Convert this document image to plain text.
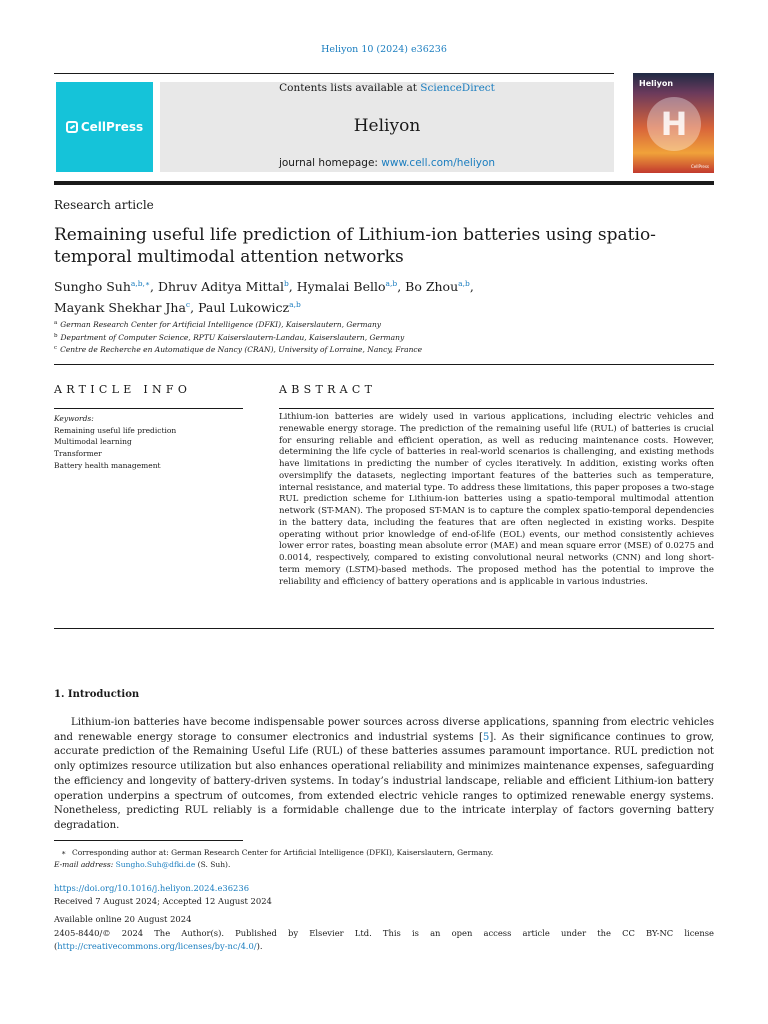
Heliyon 10 (2024) e36236
CellPress
Contents lists available at ScienceDirect
Heliyon
journal homepage: www.cell.com/heliyon
Heliyon
H
CellPress
Research article
Remaining useful life prediction of Lithium-ion batteries using spatio-temporal multimodal attention networks
Sungho Suh$^{a,b,∗}$, Dhruv Aditya Mittal$^b$, Hymalai Bello$^{a,b}$, Bo Zhou$^{a,b}$,
Mayank Shekhar Jha$^c$, Paul Lukowicz$^{a,b}$
$^a$ German Research Center for Artificial Intelligence (DFKI), Kaiserslautern, Germany
$^b$ Department of Computer Science, RPTU Kaiserslautern-Landau, Kaiserslautern, Germany
$^c$ Centre de Recherche en Automatique de Nancy (CRAN), University of Lorraine, Nancy, France
ARTICLE INFO
Keywords:
Remaining useful life prediction
Multimodal learning
Transformer
Battery health management
ABSTRACT
Lithium-ion batteries are widely used in various applications, including electric vehicles and renewable energy storage. The prediction of the remaining useful life (RUL) of batteries is crucial for ensuring reliable and efficient operation, as well as reducing maintenance costs. However, determining the life cycle of batteries in real-world scenarios is challenging, and existing methods have limitations in predicting the number of cycles iteratively. In addition, existing works often oversimplify the datasets, neglecting important features of the batteries such as temperature, internal resistance, and material type. To address these limitations, this paper proposes a two-stage RUL prediction scheme for Lithium-ion batteries using a spatio-temporal multimodal attention network (ST-MAN). The proposed ST-MAN is to capture the complex spatio-temporal dependencies in the battery data, including the features that are often neglected in existing works. Despite operating without prior knowledge of end-of-life (EOL) events, our method consistently achieves lower error rates, boasting mean absolute error (MAE) and mean square error (MSE) of 0.0275 and 0.0014, respectively, compared to existing convolutional neural networks (CNN) and long short-term memory (LSTM)-based methods. The proposed method has the potential to improve the reliability and efficiency of battery operations and is applicable in various industries.
1. Introduction
Lithium-ion batteries have become indispensable power sources across diverse applications, spanning from electric vehicles and renewable energy storage to consumer electronics and industrial systems [5]. As their significance continues to grow, accurate prediction of the Remaining Useful Life (RUL) of these batteries assumes paramount importance. RUL prediction not only optimizes resource utilization but also enhances operational reliability and minimizes maintenance expenses, safeguarding the efficiency and longevity of battery-driven systems. In today’s industrial landscape, reliable and efficient Lithium-ion battery operation underpins a spectrum of outcomes, from extended electric vehicle ranges to optimized renewable energy systems. Nonetheless, predicting RUL reliably is a formidable challenge due to the intricate interplay of factors governing battery degradation.
∗ Corresponding author at: German Research Center for Artificial Intelligence (DFKI), Kaiserslautern, Germany.
E-mail address: Sungho.Suh@dfki.de (S. Suh).
https://doi.org/10.1016/j.heliyon.2024.e36236
Received 7 August 2024; Accepted 12 August 2024
Available online 20 August 2024
2405-8440/© 2024 The Author(s). Published by Elsevier Ltd. This is an open access article under the CC BY-NC license (http://creativecommons.org/licenses/by-nc/4.0/).
